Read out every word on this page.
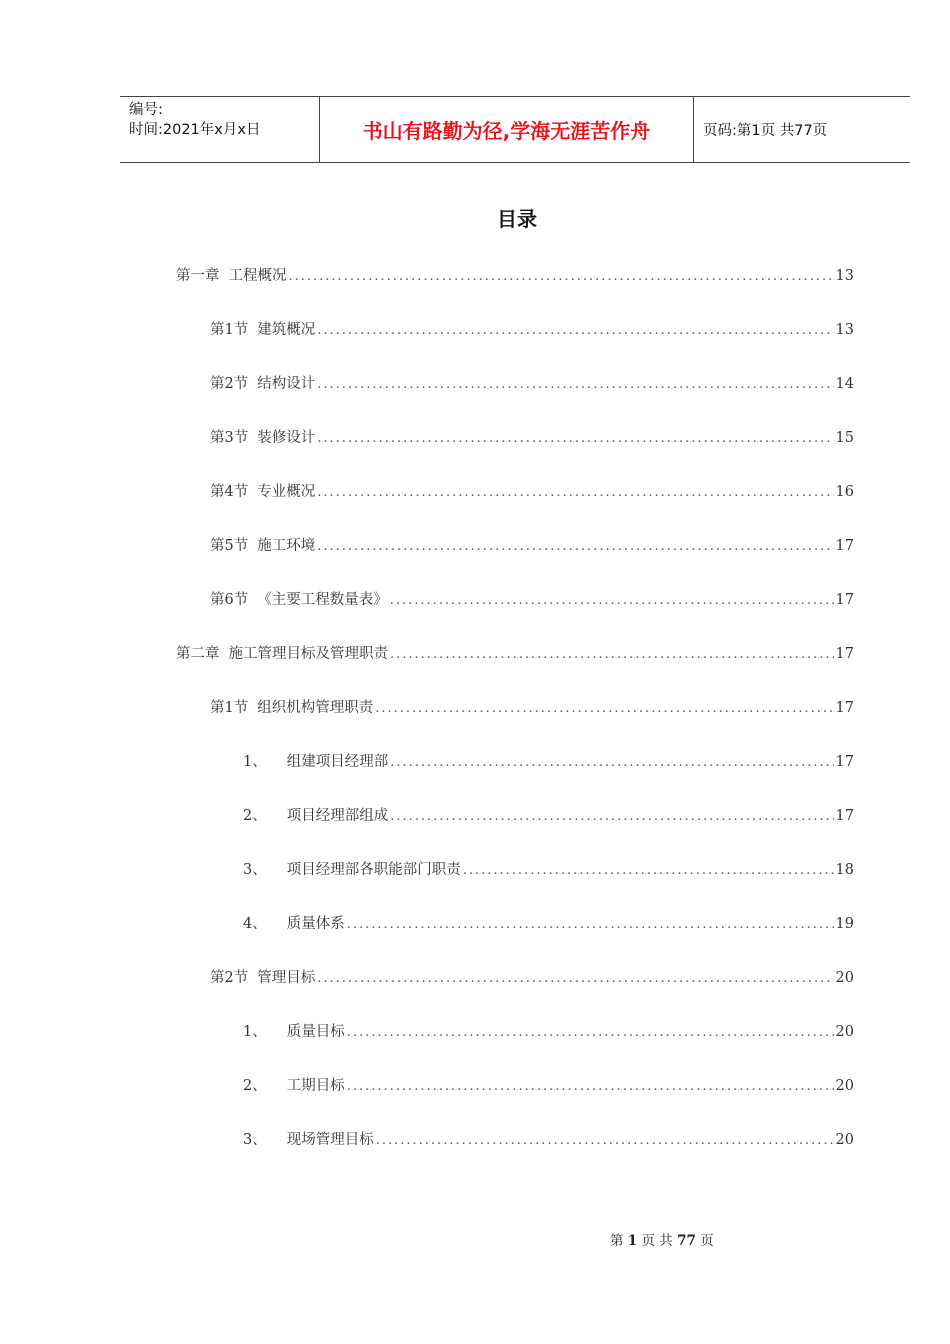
编号:
时间:2021年x月x日	书山有路勤为径,学海无涯苦作舟	页码:第1页 共77页
目录
第一章 工程概况 .....	13
第1节 建筑概况 .....	13
第2节 结构设计 .....	14
第3节 装修设计 .....	15
第4节 专业概况 .....	16
第5节 施工环境 .....	17
第6节 《主要工程数量表》 .....	17
第二章 施工管理目标及管理职责 .....	17
第1节 组织机构管理职责 .....	17
1、 组建项目经理部 .....	17
2、 项目经理部组成 .....	17
3、 项目经理部各职能部门职责 .....	18
4、 质量体系 .....	19
第2节 管理目标 .....	20
1、 质量目标 .....	20
2、 工期目标 .....	20
3、 现场管理目标 .....	20
第 1 页 共 77 页
